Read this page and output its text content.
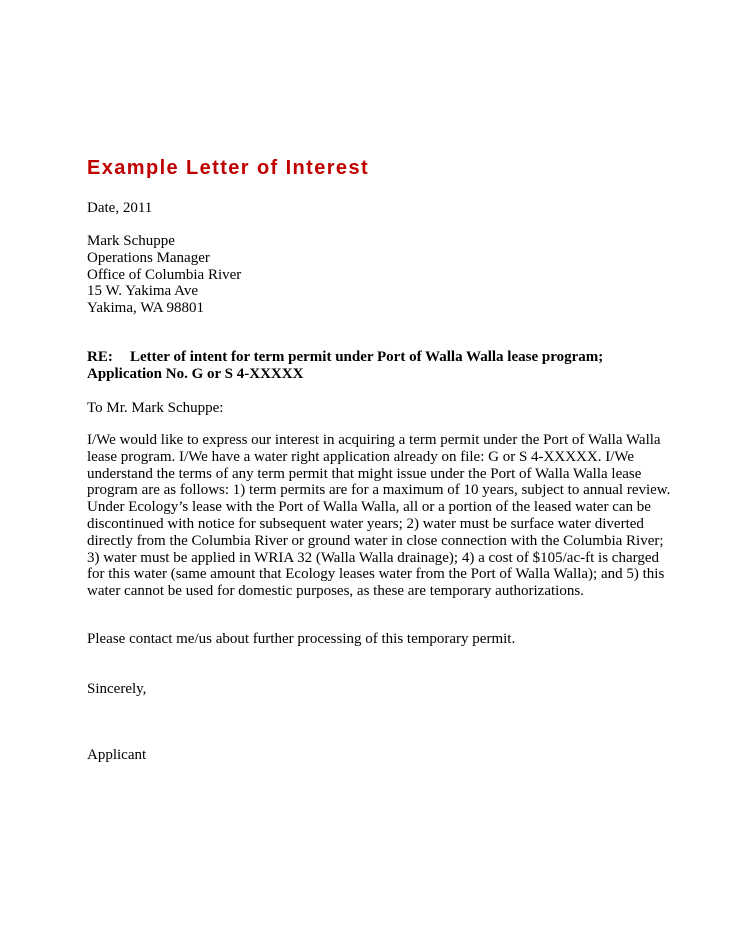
Example Letter of Interest
Date, 2011
Mark Schuppe
Operations Manager
Office of Columbia River
15 W. Yakima Ave
Yakima, WA 98801
RE: Letter of intent for term permit under Port of Walla Walla lease program;
Application No. G or S 4-XXXXX
To Mr. Mark Schuppe:
I/We would like to express our interest in acquiring a term permit under the Port of Walla Walla
lease program. I/We have a water right application already on file: G or S 4-XXXXX. I/We
understand the terms of any term permit that might issue under the Port of Walla Walla lease
program are as follows: 1) term permits are for a maximum of 10 years, subject to annual review.
Under Ecology’s lease with the Port of Walla Walla, all or a portion of the leased water can be
discontinued with notice for subsequent water years; 2) water must be surface water diverted
directly from the Columbia River or ground water in close connection with the Columbia River;
3) water must be applied in WRIA 32 (Walla Walla drainage); 4) a cost of $105/ac-ft is charged
for this water (same amount that Ecology leases water from the Port of Walla Walla); and 5) this
water cannot be used for domestic purposes, as these are temporary authorizations.
Please contact me/us about further processing of this temporary permit.
Sincerely,
Applicant
